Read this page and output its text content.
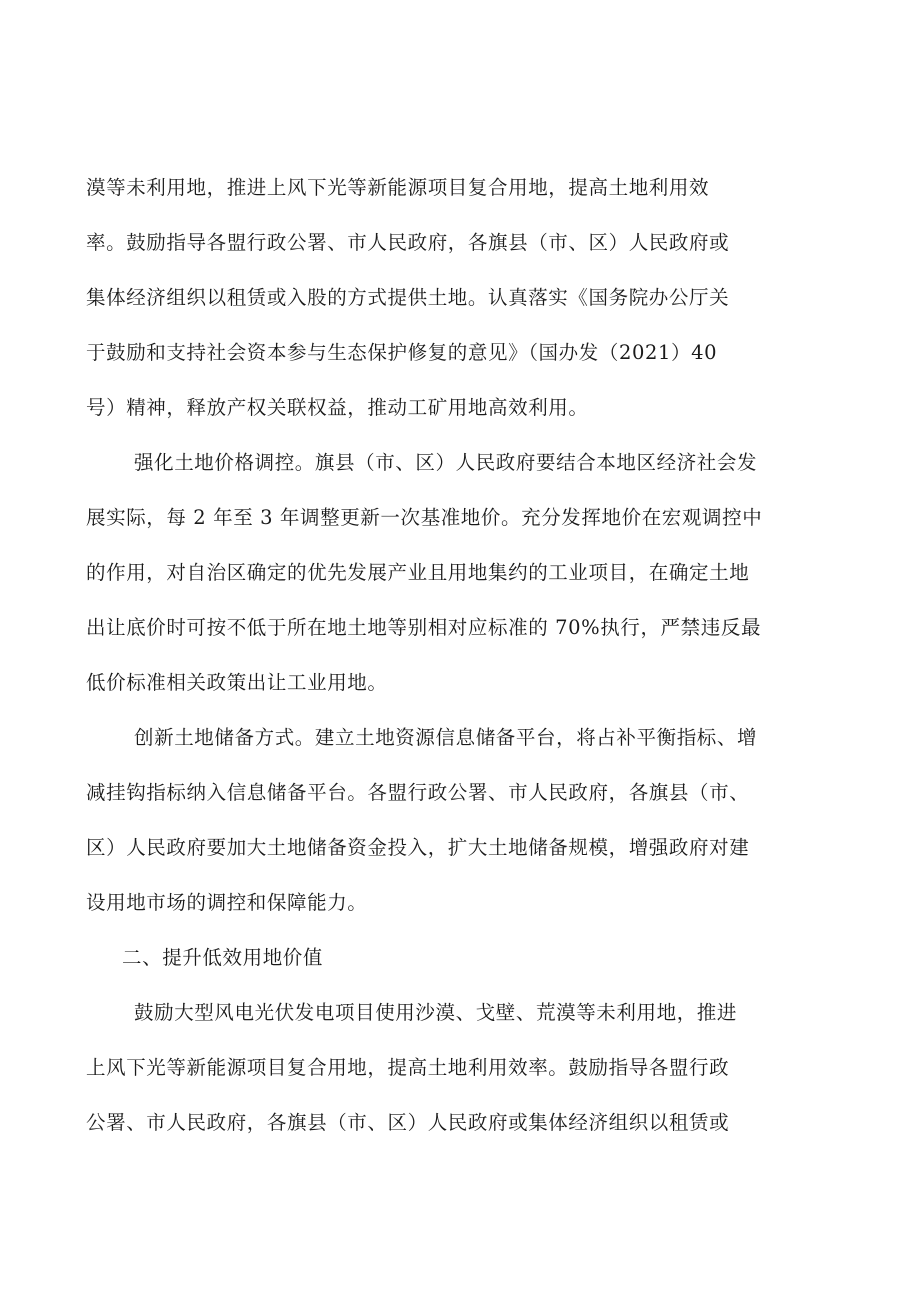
漠等未利用地，推进上风下光等新能源项目复合用地，提高土地利用效
率。鼓励指导各盟行政公署、市人民政府，各旗县（市、区）人民政府或
集体经济组织以租赁或入股的方式提供土地。认真落实《国务院办公厅关
于鼓励和支持社会资本参与生态保护修复的意见》（国办发（2021）40
号）精神，释放产权关联权益，推动工矿用地高效利用。
强化土地价格调控。旗县（市、区）人民政府要结合本地区经济社会发
展实际，每 2 年至 3 年调整更新一次基准地价。充分发挥地价在宏观调控中
的作用，对自治区确定的优先发展产业且用地集约的工业项目，在确定土地
出让底价时可按不低于所在地土地等别相对应标准的 70%执行，严禁违反最
低价标准相关政策出让工业用地。
创新土地储备方式。建立土地资源信息储备平台，将占补平衡指标、增
减挂钩指标纳入信息储备平台。各盟行政公署、市人民政府，各旗县（市、
区）人民政府要加大土地储备资金投入，扩大土地储备规模，增强政府对建
设用地市场的调控和保障能力。
二、提升低效用地价值
鼓励大型风电光伏发电项目使用沙漠、戈壁、荒漠等未利用地，推进
上风下光等新能源项目复合用地，提高土地利用效率。鼓励指导各盟行政
公署、市人民政府，各旗县（市、区）人民政府或集体经济组织以租赁或
